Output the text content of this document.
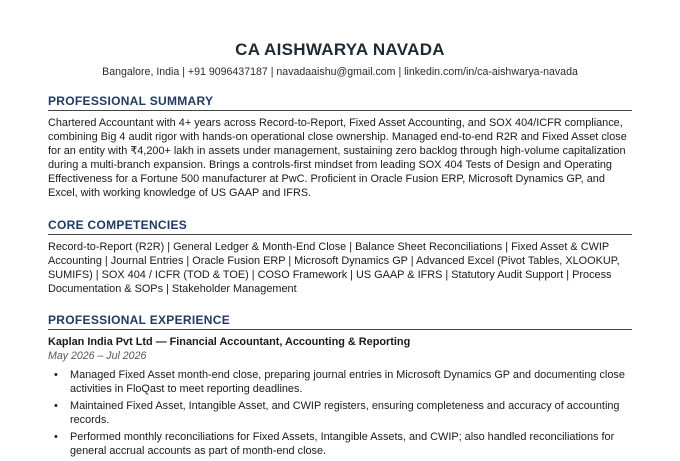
CA AISHWARYA NAVADA
Bangalore, India | +91 9096437187 | navadaaishu@gmail.com | linkedin.com/in/ca-aishwarya-navada
PROFESSIONAL SUMMARY
Chartered Accountant with 4+ years across Record-to-Report, Fixed Asset Accounting, and SOX 404/ICFR compliance, combining Big 4 audit rigor with hands-on operational close ownership. Managed end-to-end R2R and Fixed Asset close for an entity with ₹4,200+ lakh in assets under management, sustaining zero backlog through high-volume capitalization during a multi-branch expansion. Brings a controls-first mindset from leading SOX 404 Tests of Design and Operating Effectiveness for a Fortune 500 manufacturer at PwC. Proficient in Oracle Fusion ERP, Microsoft Dynamics GP, and Excel, with working knowledge of US GAAP and IFRS.
CORE COMPETENCIES
Record-to-Report (R2R) | General Ledger & Month-End Close | Balance Sheet Reconciliations | Fixed Asset & CWIP Accounting | Journal Entries | Oracle Fusion ERP | Microsoft Dynamics GP | Advanced Excel (Pivot Tables, XLOOKUP, SUMIFS) | SOX 404 / ICFR (TOD & TOE) | COSO Framework | US GAAP & IFRS | Statutory Audit Support | Process Documentation & SOPs | Stakeholder Management
PROFESSIONAL EXPERIENCE
Kaplan India Pvt Ltd — Financial Accountant, Accounting & Reporting
May 2026 – Jul 2026
• Managed Fixed Asset month-end close, preparing journal entries in Microsoft Dynamics GP and documenting close activities in FloQast to meet reporting deadlines.
• Maintained Fixed Asset, Intangible Asset, and CWIP registers, ensuring completeness and accuracy of accounting records.
• Performed monthly reconciliations for Fixed Assets, Intangible Assets, and CWIP; also handled reconciliations for general accrual accounts as part of month-end close.
